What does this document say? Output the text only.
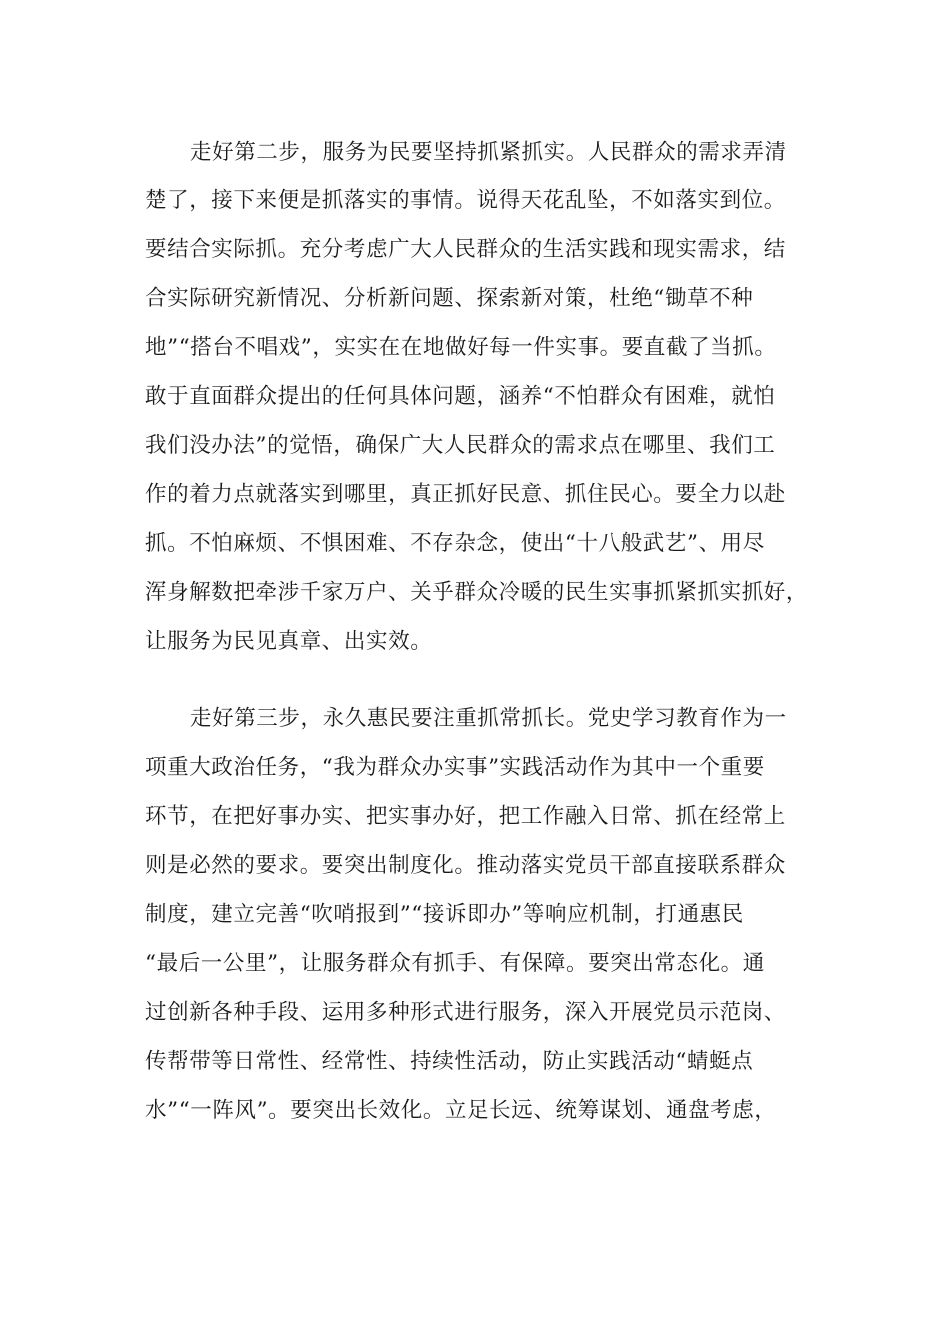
走好第二步，服务为民要坚持抓紧抓实。人民群众的需求弄清
楚了，接下来便是抓落实的事情。说得天花乱坠，不如落实到位。
要结合实际抓。充分考虑广大人民群众的生活实践和现实需求，结
合实际研究新情况、分析新问题、探索新对策，杜绝“锄草不种
地”“搭台不唱戏”，实实在在地做好每一件实事。要直截了当抓。
敢于直面群众提出的任何具体问题，涵养“不怕群众有困难，就怕
我们没办法”的觉悟，确保广大人民群众的需求点在哪里、我们工
作的着力点就落实到哪里，真正抓好民意、抓住民心。要全力以赴
抓。不怕麻烦、不惧困难、不存杂念，使出“十八般武艺”、用尽
浑身解数把牵涉千家万户、关乎群众冷暖的民生实事抓紧抓实抓好，
让服务为民见真章、出实效。
走好第三步，永久惠民要注重抓常抓长。党史学习教育作为一
项重大政治任务，“我为群众办实事”实践活动作为其中一个重要
环节，在把好事办实、把实事办好，把工作融入日常、抓在经常上
则是必然的要求。要突出制度化。推动落实党员干部直接联系群众
制度，建立完善“吹哨报到”“接诉即办”等响应机制，打通惠民
“最后一公里”，让服务群众有抓手、有保障。要突出常态化。通
过创新各种手段、运用多种形式进行服务，深入开展党员示范岗、
传帮带等日常性、经常性、持续性活动，防止实践活动“蜻蜓点
水”“一阵风”。要突出长效化。立足长远、统筹谋划、通盘考虑，
